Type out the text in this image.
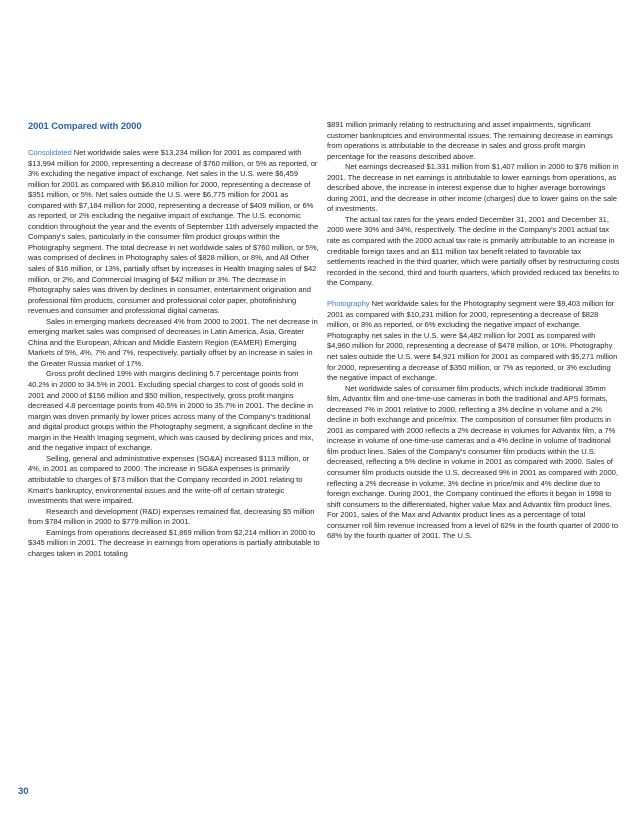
2001 Compared with 2000

Consolidated Net worldwide sales were $13,234 million for 2001 as compared with $13,994 million for 2000, representing a decrease of $760 million, or 5% as reported, or 3% excluding the negative impact of exchange. Net sales in the U.S. were $6,459 million for 2001 as compared with $6,810 million for 2000, representing a decrease of $351 million, or 5%. Net sales outside the U.S. were $6,775 million for 2001 as compared with $7,184 million for 2000, representing a decrease of $409 million, or 6% as reported, or 2% excluding the negative impact of exchange. The U.S. economic condition throughout the year and the events of September 11th adversely impacted the Company's sales, particularly in the consumer film product groups within the Photography segment. The total decrease in net worldwide sales of $760 million, or 5%, was comprised of declines in Photography sales of $828 million, or 8%, and All Other sales of $16 million, or 13%, partially offset by increases in Health Imaging sales of $42 million, or 2%, and Commercial Imaging of $42 million or 3%. The decrease in Photography sales was driven by declines in consumer, entertainment origination and professional film products, consumer and professional color paper, photofinishing revenues and consumer and professional digital cameras.

Sales in emerging markets decreased 4% from 2000 to 2001. The net decrease in emerging market sales was comprised of decreases in Latin America, Asia, Greater China and the European, African and Middle Eastern Region (EAMER) Emerging Markets of 5%, 4%, 7% and 7%, respectively, partially offset by an increase in sales in the Greater Russia market of 17%.

Gross profit declined 19% with margins declining 5.7 percentage points from 40.2% in 2000 to 34.5% in 2001. Excluding special charges to cost of goods sold in 2001 and 2000 of $156 million and $50 million, respectively, gross profit margins decreased 4.8 percentage points from 40.5% in 2000 to 35.7% in 2001. The decline in margin was driven primarily by lower prices across many of the Company's traditional and digital product groups within the Photography segment, a significant decline in the margin in the Health Imaging segment, which was caused by declining prices and mix, and the negative impact of exchange.

Selling, general and administrative expenses (SG&A) increased $113 million, or 4%, in 2001 as compared to 2000. The increase in SG&A expenses is primarily attributable to charges of $73 million that the Company recorded in 2001 relating to Kmart's bankruptcy, environmental issues and the write-off of certain strategic investments that were impaired.

Research and development (R&D) expenses remained flat, decreasing $5 million from $784 million in 2000 to $779 million in 2001.

Earnings from operations decreased $1,869 million from $2,214 million in 2000 to $345 million in 2001. The decrease in earnings from operations is partially attributable to charges taken in 2001 totaling

$891 million primarily relating to restructuring and asset impairments, significant customer bankruptcies and environmental issues. The remaining decrease in earnings from operations is attributable to the decrease in sales and gross profit margin percentage for the reasons described above.

Net earnings decreased $1,331 million from $1,407 million in 2000 to $76 million in 2001. The decrease in net earnings is attributable to lower earnings from operations, as described above, the increase in interest expense due to higher average borrowings during 2001, and the decrease in other income (charges) due to lower gains on the sale of investments.

The actual tax rates for the years ended December 31, 2001 and December 31, 2000 were 30% and 34%, respectively. The decline in the Company's 2001 actual tax rate as compared with the 2000 actual tax rate is primarily attributable to an increase in creditable foreign taxes and an $11 million tax benefit related to favorable tax settlements reached in the third quarter, which were partially offset by restructuring costs recorded in the second, third and fourth quarters, which provided reduced tax benefits to the Company.

Photography Net worldwide sales for the Photography segment were $9,403 million for 2001 as compared with $10,231 million for 2000, representing a decrease of $828 million, or 8% as reported, or 6% excluding the negative impact of exchange. Photography net sales in the U.S. were $4,482 million for 2001 as compared with $4,960 million for 2000, representing a decrease of $478 million, or 10%. Photography net sales outside the U.S. were $4,921 million for 2001 as compared with $5,271 million for 2000, representing a decrease of $350 million, or 7% as reported, or 3% excluding the negative impact of exchange.

Net worldwide sales of consumer film products, which include traditional 35mm film, Advantix film and one-time-use cameras in both the traditional and APS formats, decreased 7% in 2001 relative to 2000, reflecting a 3% decline in volume and a 2% decline in both exchange and price/mix. The composition of consumer film products in 2001 as compared with 2000 reflects a 2% decrease in volumes for Advantix film, a 7% increase in volume of one-time-use cameras and a 4% decline in volume of traditional film product lines. Sales of the Company's consumer film products within the U.S. decreased, reflecting a 5% decline in volume in 2001 as compared with 2000. Sales of consumer film products outside the U.S. decreased 9% in 2001 as compared with 2000, reflecting a 2% decrease in volume, 3% decline in price/mix and 4% decline due to foreign exchange. During 2001, the Company continued the efforts it began in 1998 to shift consumers to the differentiated, higher value Max and Advantix film product lines. For 2001, sales of the Max and Advantix product lines as a percentage of total consumer roll film revenue increased from a level of 62% in the fourth quarter of 2000 to 68% by the fourth quarter of 2001. The U.S.

30
